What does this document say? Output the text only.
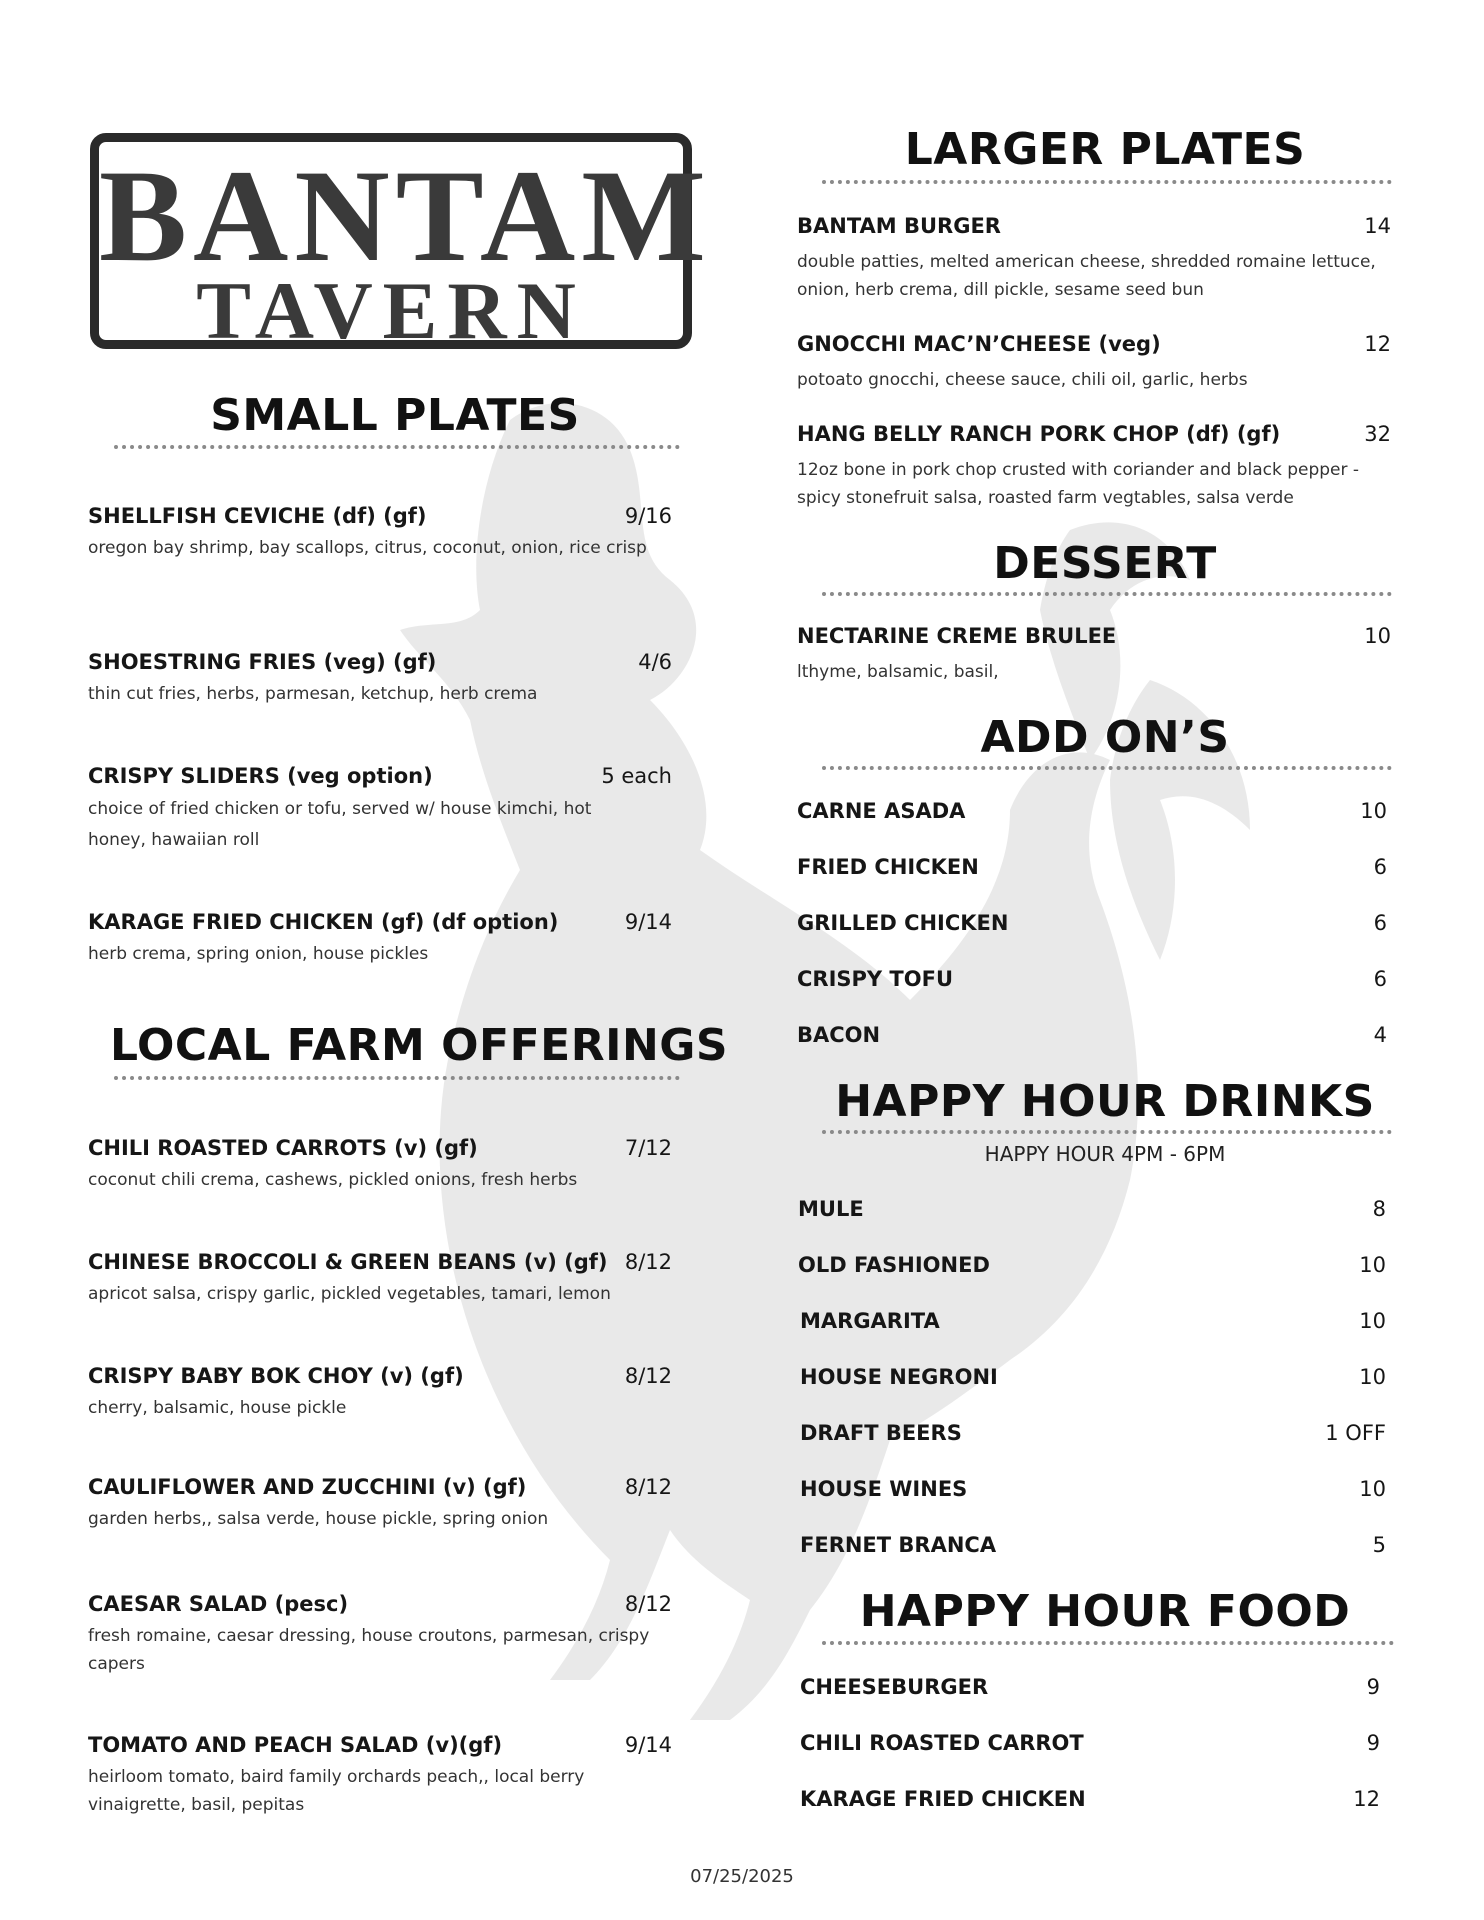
BANTAM
TAVERN
SMALL PLATES
SHELLFISH CEVICHE (df) (gf)	9/16
oregon bay shrimp, bay scallops, citrus, coconut, onion, rice crisp
SHOESTRING FRIES (veg) (gf)	4/6
thin cut fries, herbs, parmesan, ketchup, herb crema
CRISPY SLIDERS (veg option)	5 each
choice of fried chicken or tofu, served w/ house kimchi, hot honey, hawaiian roll
KARAGE FRIED CHICKEN (gf) (df option)	9/14
herb crema, spring onion, house pickles
LOCAL FARM OFFERINGS
CHILI ROASTED CARROTS (v) (gf)	7/12
coconut chili crema, cashews, pickled onions, fresh herbs
CHINESE BROCCOLI & GREEN BEANS (v) (gf) 8/12
apricot salsa, crispy garlic, pickled vegetables, tamari, lemon
CRISPY BABY BOK CHOY (v) (gf)	8/12
cherry, balsamic, house pickle
CAULIFLOWER AND ZUCCHINI (v) (gf)	8/12
garden herbs,, salsa verde, house pickle, spring onion
CAESAR SALAD (pesc)	8/12
fresh romaine, caesar dressing, house croutons, parmesan, crispy capers
TOMATO AND PEACH SALAD (v)(gf)	9/14
heirloom tomato, baird family orchards peach,, local berry vinaigrette, basil, pepitas
LARGER PLATES
BANTAM BURGER	14
double patties, melted american cheese, shredded romaine lettuce, onion, herb crema, dill pickle, sesame seed bun
GNOCCHI MAC’N’CHEESE (veg)	12
potoato gnocchi, cheese sauce, chili oil, garlic, herbs
HANG BELLY RANCH PORK CHOP (df) (gf)	32
12oz bone in pork chop crusted with coriander and black pepper - spicy stonefruit salsa, roasted farm vegtables, salsa verde
DESSERT
NECTARINE CREME BRULEE	10
lthyme, balsamic, basil,
ADD ON’S
CARNE ASADA	10
FRIED CHICKEN	6
GRILLED CHICKEN	6
CRISPY TOFU	6
BACON	4
HAPPY HOUR DRINKS
HAPPY HOUR 4PM - 6PM
MULE	8
OLD FASHIONED	10
MARGARITA	10
HOUSE NEGRONI	10
DRAFT BEERS	1 OFF
HOUSE WINES	10
FERNET BRANCA	5
HAPPY HOUR FOOD
CHEESEBURGER	9
CHILI ROASTED CARROT	9
KARAGE FRIED CHICKEN	12
07/25/2025
